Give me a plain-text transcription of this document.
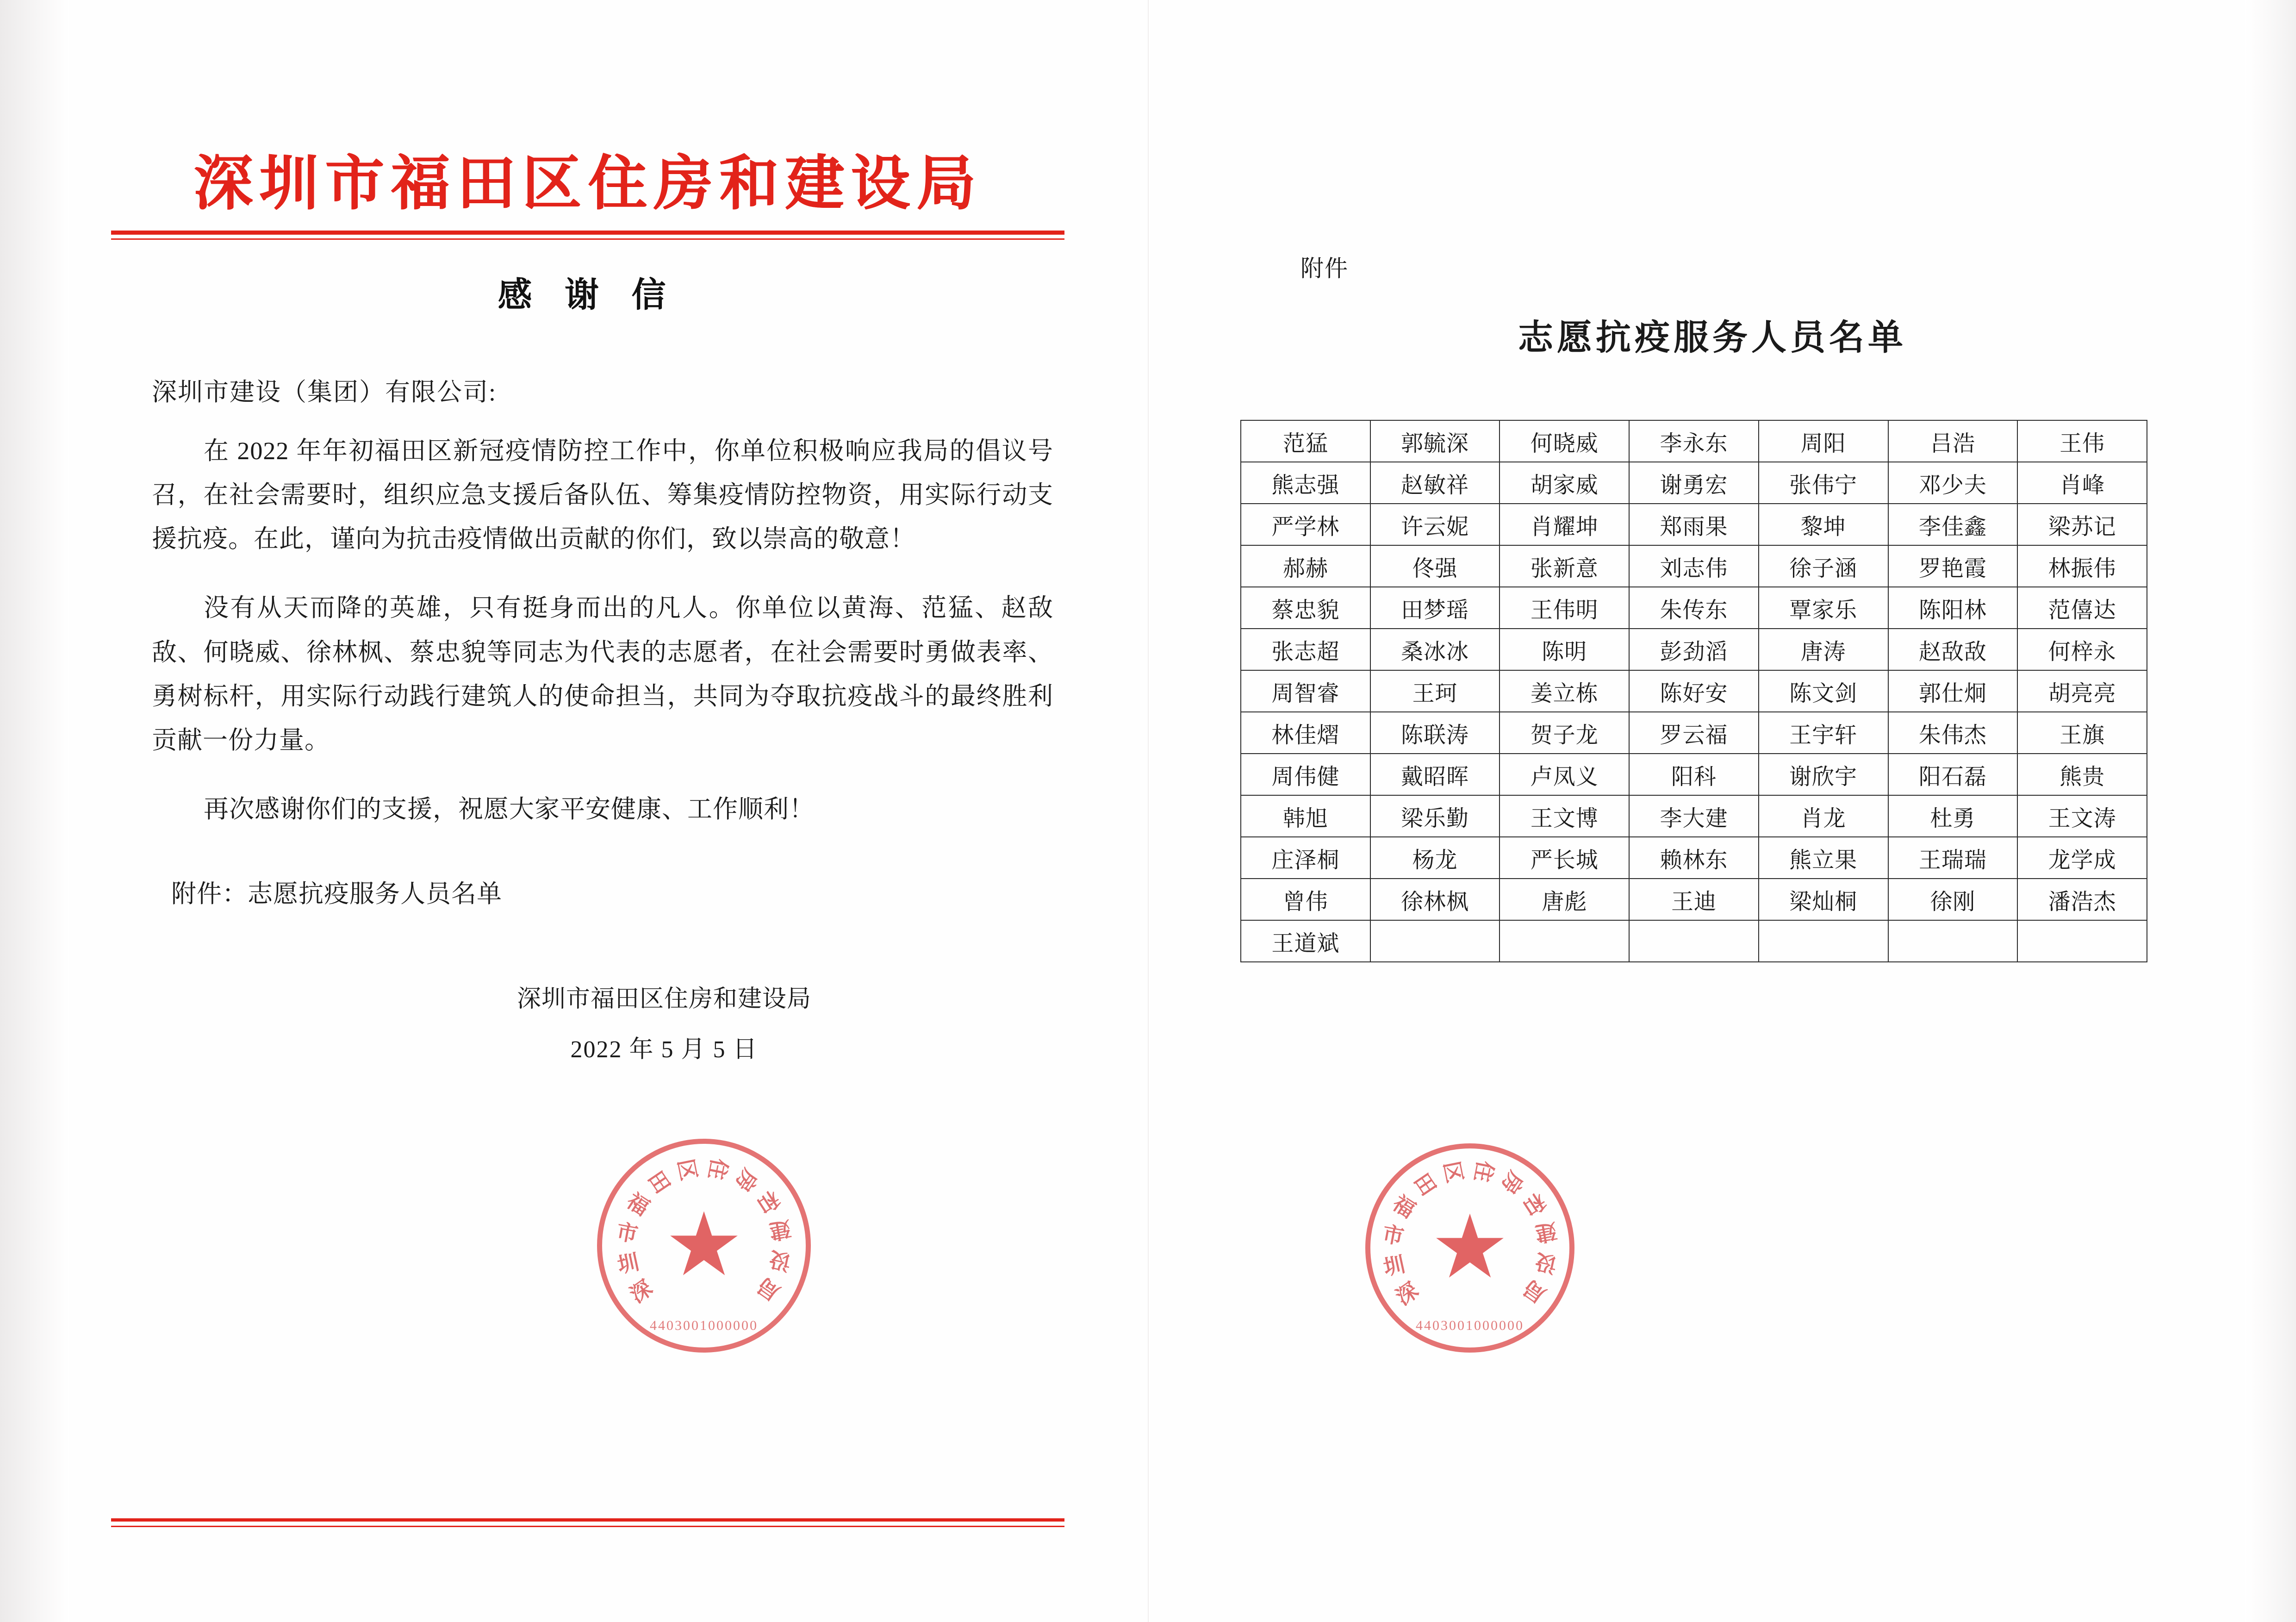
深圳市福田区住房和建设局
感 谢 信
深圳市建设（集团）有限公司:

在 2022 年年初福田区新冠疫情防控工作中，你单位积极响应我局的倡议号召，在社会需要时，组织应急支援后备队伍、筹集疫情防控物资，用实际行动支援抗疫。在此，谨向为抗击疫情做出贡献的你们，致以崇高的敬意！

没有从天而降的英雄，只有挺身而出的凡人。你单位以黄海、范猛、赵敌敌、何晓威、徐林枫、蔡忠貌等同志为代表的志愿者，在社会需要时勇做表率、勇树标杆，用实际行动践行建筑人的使命担当，共同为夺取抗疫战斗的最终胜利贡献一份力量。

再次感谢你们的支援，祝愿大家平安健康、工作顺利！

附件：志愿抗疫服务人员名单
深圳市福田区住房和建设局
2022 年 5 月 5 日
深
圳
市
福
田
区 住
房
和
建
设
局
★
4403001000000
附件
志愿抗疫服务人员名单
范猛	郭毓深	何晓威	李永东	周阳	吕浩	王伟
熊志强	赵敏祥	胡家威	谢勇宏	张伟宁	邓少夫	肖峰
严学林	许云妮	肖耀坤	郑雨果	黎坤	李佳鑫	梁苏记
郝赫	佟强	张新意	刘志伟	徐子涵	罗艳霞	林振伟
蔡忠貌	田梦瑶	王伟明	朱传东	覃家乐	陈阳林	范僖达
张志超	桑冰冰	陈明	彭劲滔	唐涛	赵敌敌	何梓永
周智睿	王珂	姜立栋	陈好安	陈文剑	郭仕炯	胡亮亮
林佳熠	陈联涛	贺子龙	罗云福	王宇轩	朱伟杰	王旗
周伟健	戴昭晖	卢凤义	阳科	谢欣宇	阳石磊	熊贵
韩旭	梁乐勤	王文博	李大建	肖龙	杜勇	王文涛
庄泽桐	杨龙	严长城	赖林东	熊立果	王瑞瑞	龙学成
曾伟	徐林枫	唐彪	王迪	梁灿桐	徐刚	潘浩杰
王道斌						
深
圳
市
福
田
区 住
房
和
建
设
局
★
4403001000000
